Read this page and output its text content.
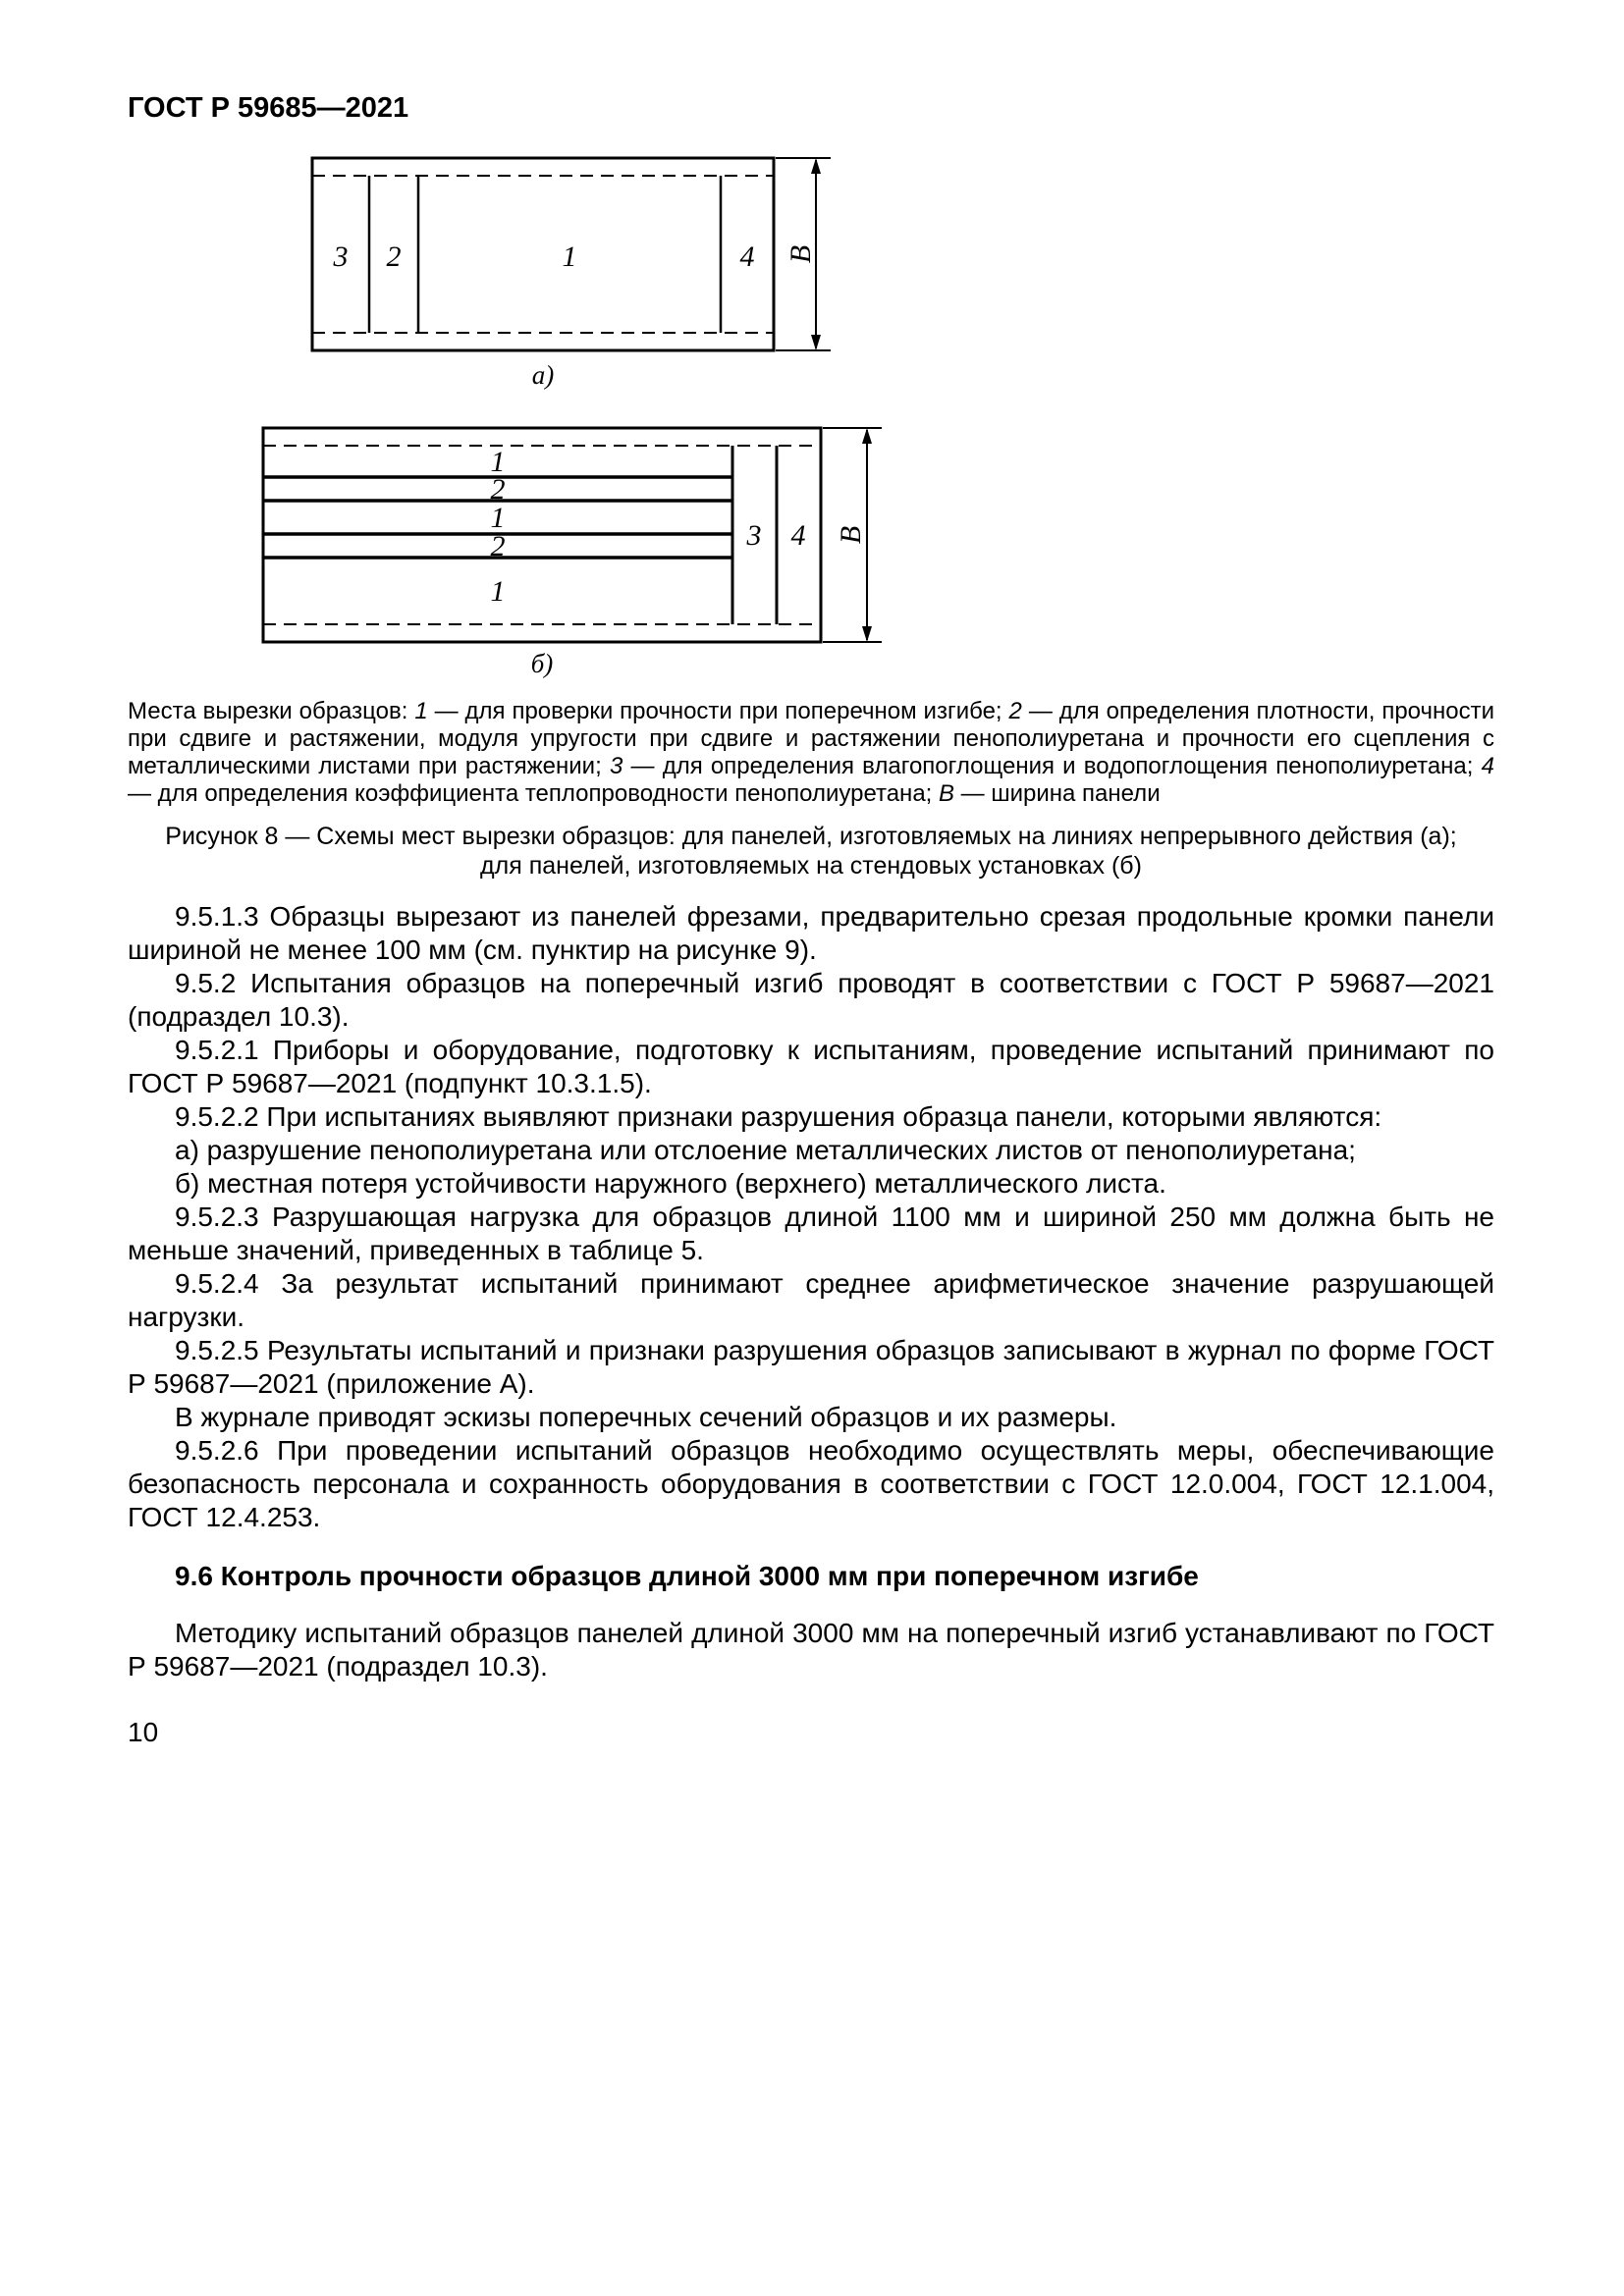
ГОСТ Р 59685—2021
3 2	1	4 В
а)
1
2
1
2
1
3 4 В
б)

Места вырезки образцов: 1 — для проверки прочности при поперечном изгибе; 2 — для определения плотности, прочности при сдвиге и растяжении, модуля упругости при сдвиге и растяжении пенополиуретана и прочности его сцепления с металлическими листами при растяжении; 3 — для определения влагопоглощения и водопоглощения пенополиуретана; 4 — для определения коэффициента теплопроводности пенополиуретана; В — ширина панели

Рисунок 8 — Схемы мест вырезки образцов: для панелей, изготовляемых на линиях непрерывного действия (а);
для панелей, изготовляемых на стендовых установках (б)

9.5.1.3 Образцы вырезают из панелей фрезами, предварительно срезая продольные кромки панели шириной не менее 100 мм (см. пунктир на рисунке 9).

9.5.2 Испытания образцов на поперечный изгиб проводят в соответствии с ГОСТ Р 59687—2021 (подраздел 10.3).

9.5.2.1 Приборы и оборудование, подготовку к испытаниям, проведение испытаний принимают по ГОСТ Р 59687—2021 (подпункт 10.3.1.5).

9.5.2.2 При испытаниях выявляют признаки разрушения образца панели, которыми являются:

а) разрушение пенополиуретана или отслоение металлических листов от пенополиуретана;

б) местная потеря устойчивости наружного (верхнего) металлического листа.

9.5.2.3 Разрушающая нагрузка для образцов длиной 1100 мм и шириной 250 мм должна быть не меньше значений, приведенных в таблице 5.

9.5.2.4 За результат испытаний принимают среднее арифметическое значение разрушающей нагрузки.

9.5.2.5 Результаты испытаний и признаки разрушения образцов записывают в журнал по форме ГОСТ Р 59687—2021 (приложение А).

В журнале приводят эскизы поперечных сечений образцов и их размеры.

9.5.2.6 При проведении испытаний образцов необходимо осуществлять меры, обеспечивающие безопасность персонала и сохранность оборудования в соответствии с ГОСТ 12.0.004, ГОСТ 12.1.004, ГОСТ 12.4.253.

9.6 Контроль прочности образцов длиной 3000 мм при поперечном изгибе

Методику испытаний образцов панелей длиной 3000 мм на поперечный изгиб устанавливают по ГОСТ Р 59687—2021 (подраздел 10.3).

10
